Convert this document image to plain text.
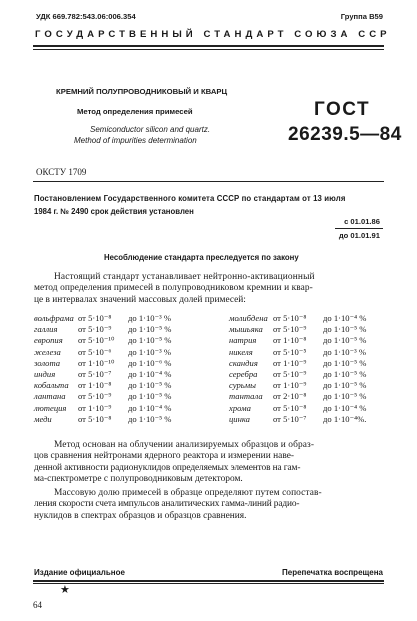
УДК 669.782:543.06:006.354	Группа В59
ГОСУДАРСТВЕННЫЙ СТАНДАРТ СОЮЗА ССР
КРЕМНИЙ ПОЛУПРОВОДНИКОВЫЙ И КВАРЦ
Метод определения примесей
Semiconductor silicon and quartz.
Method of impurities determination
ГОСТ
26239.5—84
ОКСТУ 1709
Постановлением Государственного комитета СССР по стандартам от 13 июля
1984 г. № 2490 срок действия установлен
с 01.01.86
до 01.01.91
Несоблюдение стандарта преследуется по закону
Настоящий стандарт устанавливает нейтронно-активационный
метод определения примесей в полупроводниковом кремнии и квар-
це в интервалах значений массовых долей примесей:
вольфрама от 5·10⁻⁸ до 1·10⁻³ %
галлия от 5·10⁻⁹ до 1·10⁻⁵ %
европия от 5·10⁻¹⁰ до 1·10⁻⁵ %
железа от 5·10⁻⁶ до 1·10⁻³ %
золота от 1·10⁻¹⁰ до 1·10⁻⁶ %
индия	от 5·10⁻⁷ до 1·10⁻⁴ %
кобальта от 1·10⁻⁸ до 1·10⁻⁵ %
лантана от 5·10⁻⁹ до 1·10⁻⁵ %
лютеция от 1·10⁻⁹ до 1·10⁻⁴ %
меди	от 5·10⁻⁸ до 1·10⁻⁵ %
молибдена от 5·10⁻⁸ до 1·10⁻⁴ %
мышьяка от 5·10⁻⁹ до 1·10⁻⁵ %
натрия от 1·10⁻⁸ до 1·10⁻⁵ %
никеля от 5·10⁻⁵ до 1·10⁻³ %
скандия от 1·10⁻⁹ до 1·10⁻⁵ %
серебра от 5·10⁻⁹ до 1·10⁻⁵ %
сурьмы от 1·10⁻⁹ до 1·10⁻⁵ %
тантала от 2·10⁻⁸ до 1·10⁻⁵ %
хрома	от 5·10⁻⁸ до 1·10⁻⁴ %
цинка	от 5·10⁻⁷ до 1·10⁻⁴%.
Метод основан на облучении анализируемых образцов и образ-
цов сравнения нейтронами ядерного реактора и измерении наве-
денной активности радионуклидов определяемых элементов на гам-
ма-спектрометре с полупроводниковым детектором.
Массовую долю примесей в образце определяют путем сопостав-
ления скорости счета импульсов аналитических гамма-линий радио-
нуклидов в спектрах образцов и образцов сравнения.
Издание официальное	Перепечатка воспрещена
★
64
